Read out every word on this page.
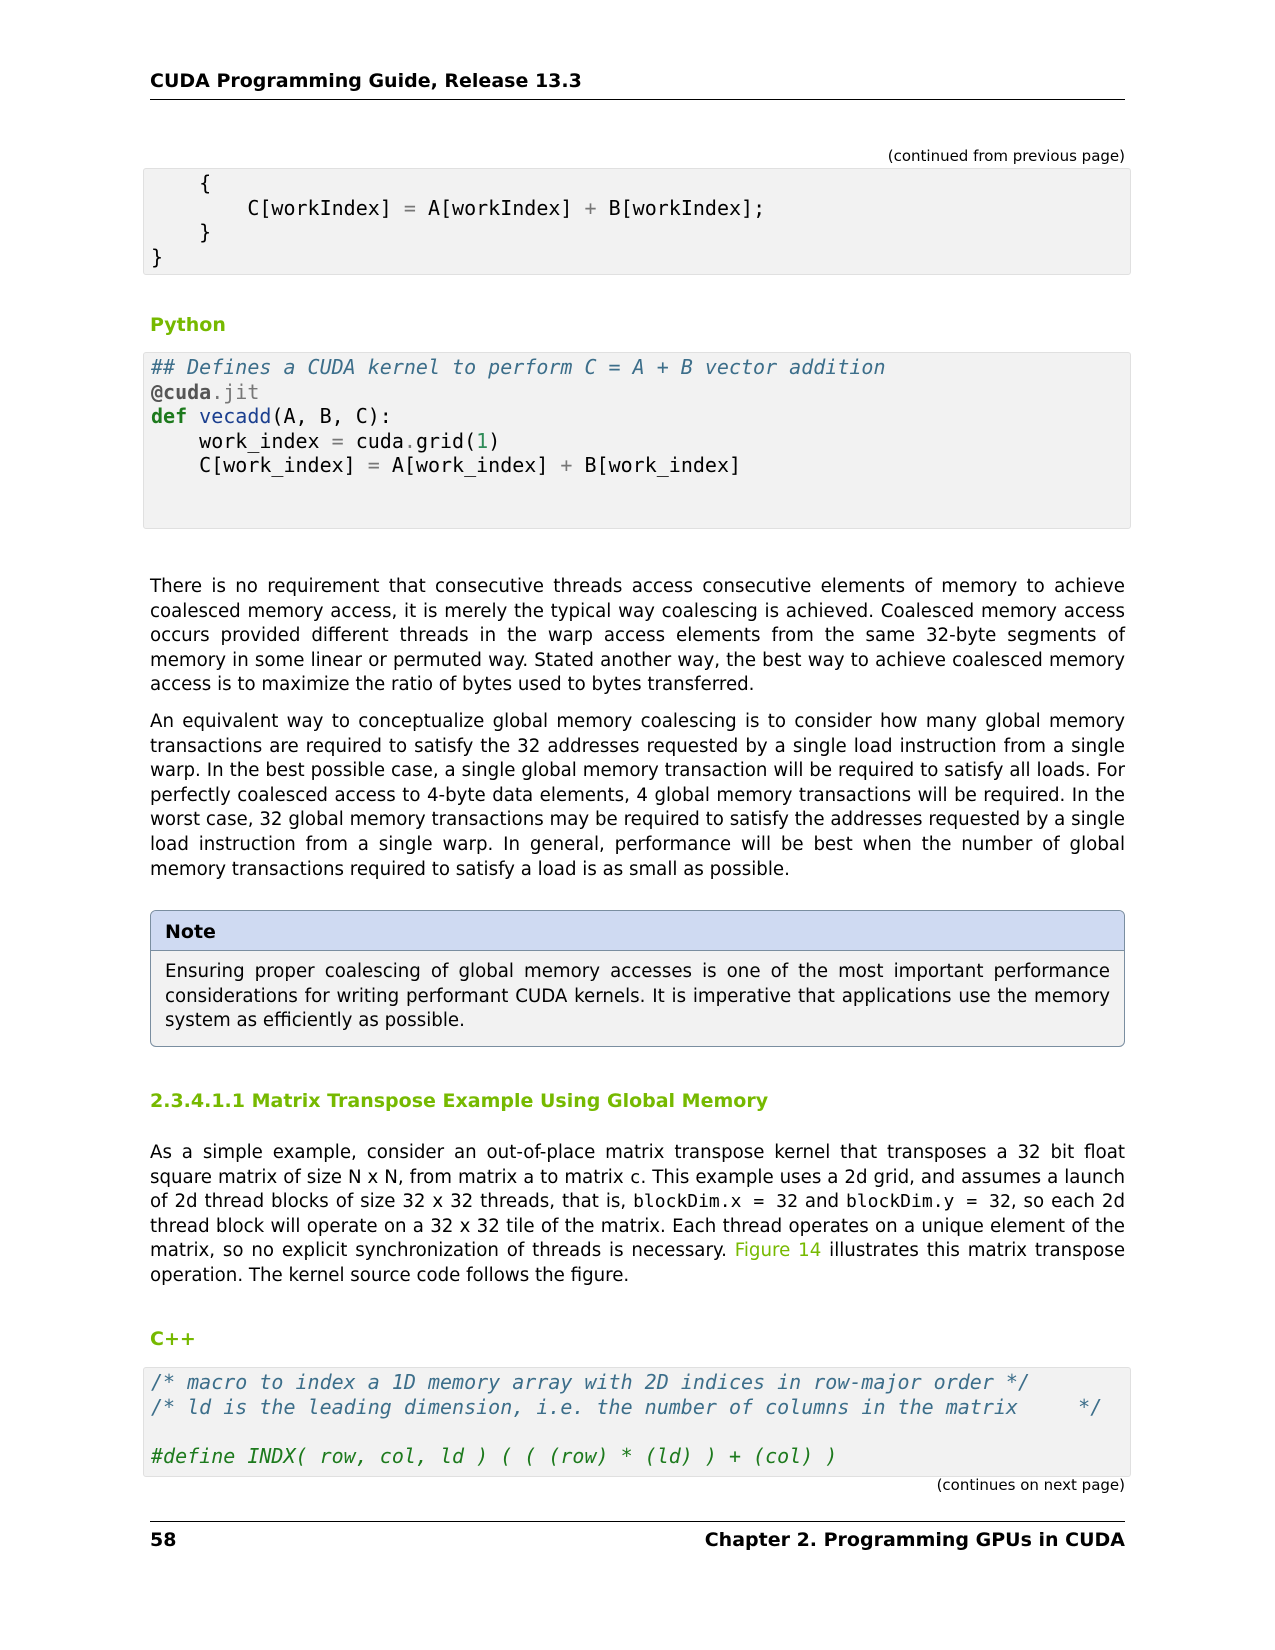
CUDA Programming Guide, Release 13.3
(continued from previous page)
{
C[workIndex] = A[workIndex] + B[workIndex];
}
}
Python
## Defines a CUDA kernel to perform C = A + B vector addition
@cuda.jit
def vecadd(A, B, C):
work_index = cuda.grid(1)
C[work_index] = A[work_index] + B[work_index]

There is no requirement that consecutive threads access consecutive elements of memory to achieve coalesced memory access, it is merely the typical way coalescing is achieved. Coalesced memory access occurs provided different threads in the warp access elements from the same 32-byte segments of memory in some linear or permuted way. Stated another way, the best way to achieve coalesced memory access is to maximize the ratio of bytes used to bytes transferred.

An equivalent way to conceptualize global memory coalescing is to consider how many global memory transactions are required to satisfy the 32 addresses requested by a single load instruction from a single warp. In the best possible case, a single global memory transaction will be required to satisfy all loads. For perfectly coalesced access to 4-byte data elements, 4 global memory transactions will be required. In the worst case, 32 global memory transactions may be required to satisfy the addresses requested by a single load instruction from a single warp. In general, performance will be best when the number of global memory transactions required to satisfy a load is as small as possible.

Note
Ensuring proper coalescing of global memory accesses is one of the most important performance considerations for writing performant CUDA kernels. It is imperative that applications use the memory system as efficiently as possible.
2.3.4.1.1 Matrix Transpose Example Using Global Memory

As a simple example, consider an out-of-place matrix transpose kernel that transposes a 32 bit float square matrix of size N x N, from matrix a to matrix c. This example uses a 2d grid, and assumes a launch of 2d thread blocks of size 32 x 32 threads, that is, blockDim.x = 32 and blockDim.y = 32, so each 2d thread block will operate on a 32 x 32 tile of the matrix. Each thread operates on a unique element of the matrix, so no explicit synchronization of threads is necessary. Figure 14 illustrates this matrix transpose operation. The kernel source code follows the figure.

C++
/* macro to index a 1D memory array with 2D indices in row-major order */
/* ld is the leading dimension, i.e. the number of columns in the matrix     */

#define INDX( row, col, ld ) ( ( (row) * (ld) ) + (col) )
(continues on next page)
58	Chapter 2. Programming GPUs in CUDA
